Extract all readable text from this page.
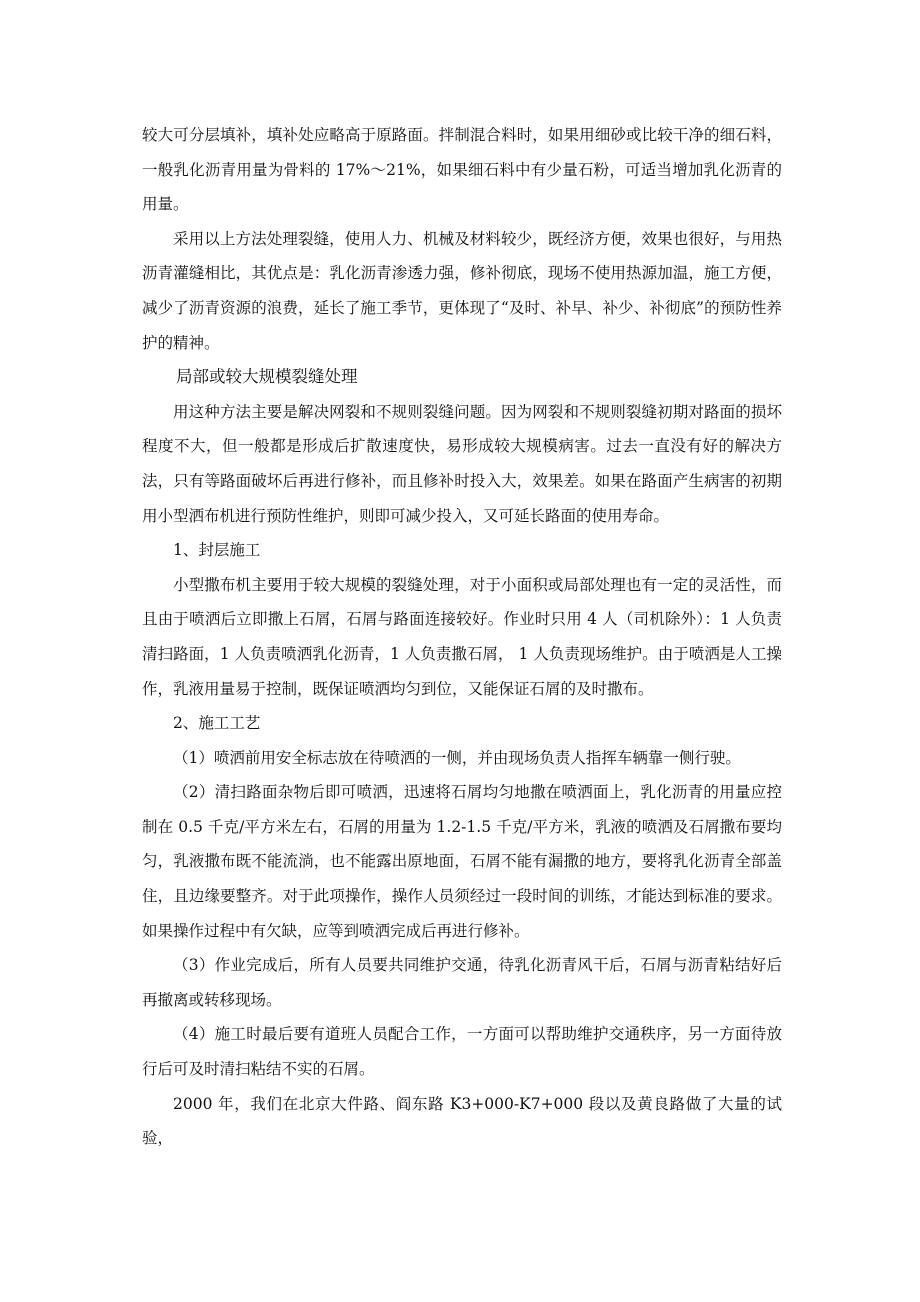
较大可分层填补，填补处应略高于原路面。拌制混合料时，如果用细砂或比较干净的细石料，一般乳化沥青用量为骨料的 17%～21%，如果细石料中有少量石粉，可适当增加乳化沥青的用量。

采用以上方法处理裂缝，使用人力、机械及材料较少，既经济方便，效果也很好，与用热沥青灌缝相比，其优点是：乳化沥青渗透力强，修补彻底，现场不使用热源加温，施工方便，减少了沥青资源的浪费，延长了施工季节，更体现了“及时、补早、补少、补彻底”的预防性养护的精神。

局部或较大规模裂缝处理

用这种方法主要是解决网裂和不规则裂缝问题。因为网裂和不规则裂缝初期对路面的损坏程度不大，但一般都是形成后扩散速度快，易形成较大规模病害。过去一直没有好的解决方法，只有等路面破坏后再进行修补，而且修补时投入大，效果差。如果在路面产生病害的初期用小型洒布机进行预防性维护，则即可减少投入，又可延长路面的使用寿命。

1、封层施工

小型撒布机主要用于较大规模的裂缝处理，对于小面积或局部处理也有一定的灵活性，而且由于喷洒后立即撒上石屑，石屑与路面连接较好。作业时只用 4 人（司机除外）：1 人负责清扫路面，1 人负责喷洒乳化沥青，1 人负责撒石屑， 1 人负责现场维护。由于喷洒是人工操作，乳液用量易于控制，既保证喷洒均匀到位，又能保证石屑的及时撒布。

2、施工工艺

（1）喷洒前用安全标志放在待喷洒的一侧，并由现场负责人指挥车辆靠一侧行驶。

（2）清扫路面杂物后即可喷洒，迅速将石屑均匀地撒在喷洒面上，乳化沥青的用量应控制在 0.5 千克/平方米左右，石屑的用量为 1.2-1.5 千克/平方米，乳液的喷洒及石屑撒布要均匀，乳液撒布既不能流淌，也不能露出原地面，石屑不能有漏撒的地方，要将乳化沥青全部盖住，且边缘要整齐。对于此项操作，操作人员须经过一段时间的训练，才能达到标准的要求。如果操作过程中有欠缺，应等到喷洒完成后再进行修补。

（3）作业完成后，所有人员要共同维护交通，待乳化沥青风干后，石屑与沥青粘结好后再撤离或转移现场。

（4）施工时最后要有道班人员配合工作，一方面可以帮助维护交通秩序，另一方面待放行后可及时清扫粘结不实的石屑。

2000 年，我们在北京大件路、阎东路 K3+000-K7+000 段以及黄良路做了大量的试验，
